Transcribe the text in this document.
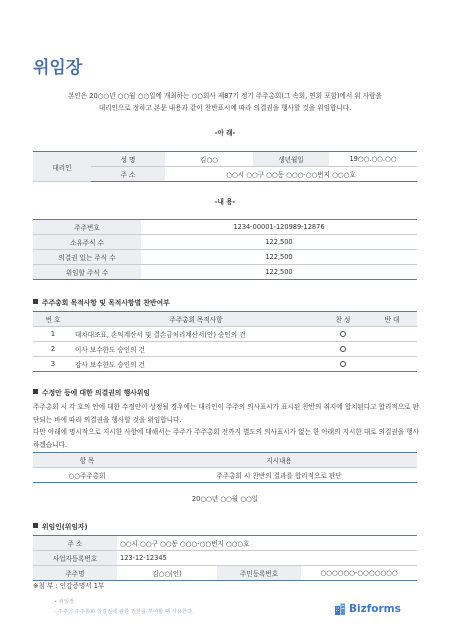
위임장
본인은 20○○년 ○○월 ○○일에 개최하는 ○○회사 제87기 정기 주주총회(그 속회, 연회 포함)에서 위 사람을
대리인으로 정하고 본문 내용과 같이 찬반표시에 따라 의결권을 행사할 것을 위임합니다.
-아 래-
대리인	성 명	김○○	생년월일	19○○.○○.○○
	주 소	○○시 ○○구 ○○동 ○○○-○○번지 ○○○호		
-내 용-
주주번호	1234-00001-120989-12876
소유주식 수	122,500
의결권 있는 주식 수	122,500
위임할 주식 수	122,500
주주총회 목적사항 및 목적사항별 찬반여부
번 호	주주총회 목적사항	찬 성	반 대
1	대차대조표, 손익계산서 및 결손금처리계산서(안) 승인의 건		
2	이사 보수한도 승인의 건		
3	감사 보수한도 승인의 건		
수정안 등에 대한 의결권의 행사위임
주주총회 시 각 호의 안에 대한 수정안이 상정될 경우에는 대리인이 주주의 의사표시가 표시된 찬반의 취지에 합치된다고 합리적으로 판단되는 바에 따라 의결권을 행사할 것을 위임합니다.
다만 아래에 명시적으로 지시한 사항에 대해서는 주주가 주주총회 전까지 별도의 의사표시가 없는 한 아래의 지시한 대로 의결권을 행사하겠습니다.
항 목	지시내용
○○주주총회	주주총회 시 찬반의 결과를 합리적으로 판단
20○○년 ○○월 ○○일
위임인(위임자)
주 소	○○시 ○○구 ○○동 ○○○-○○번지 ○○○호		
사업자등록번호	123-12-12345		
주주명	김○○(인)	주민등록번호	○○○○○○-○○○○○○○
※첨 부 : 인감증명서 1부
• 위임장
- 주주의 주주총회 의결권에 관한 권한을 부여할 때 사용한다.	Bizforms
